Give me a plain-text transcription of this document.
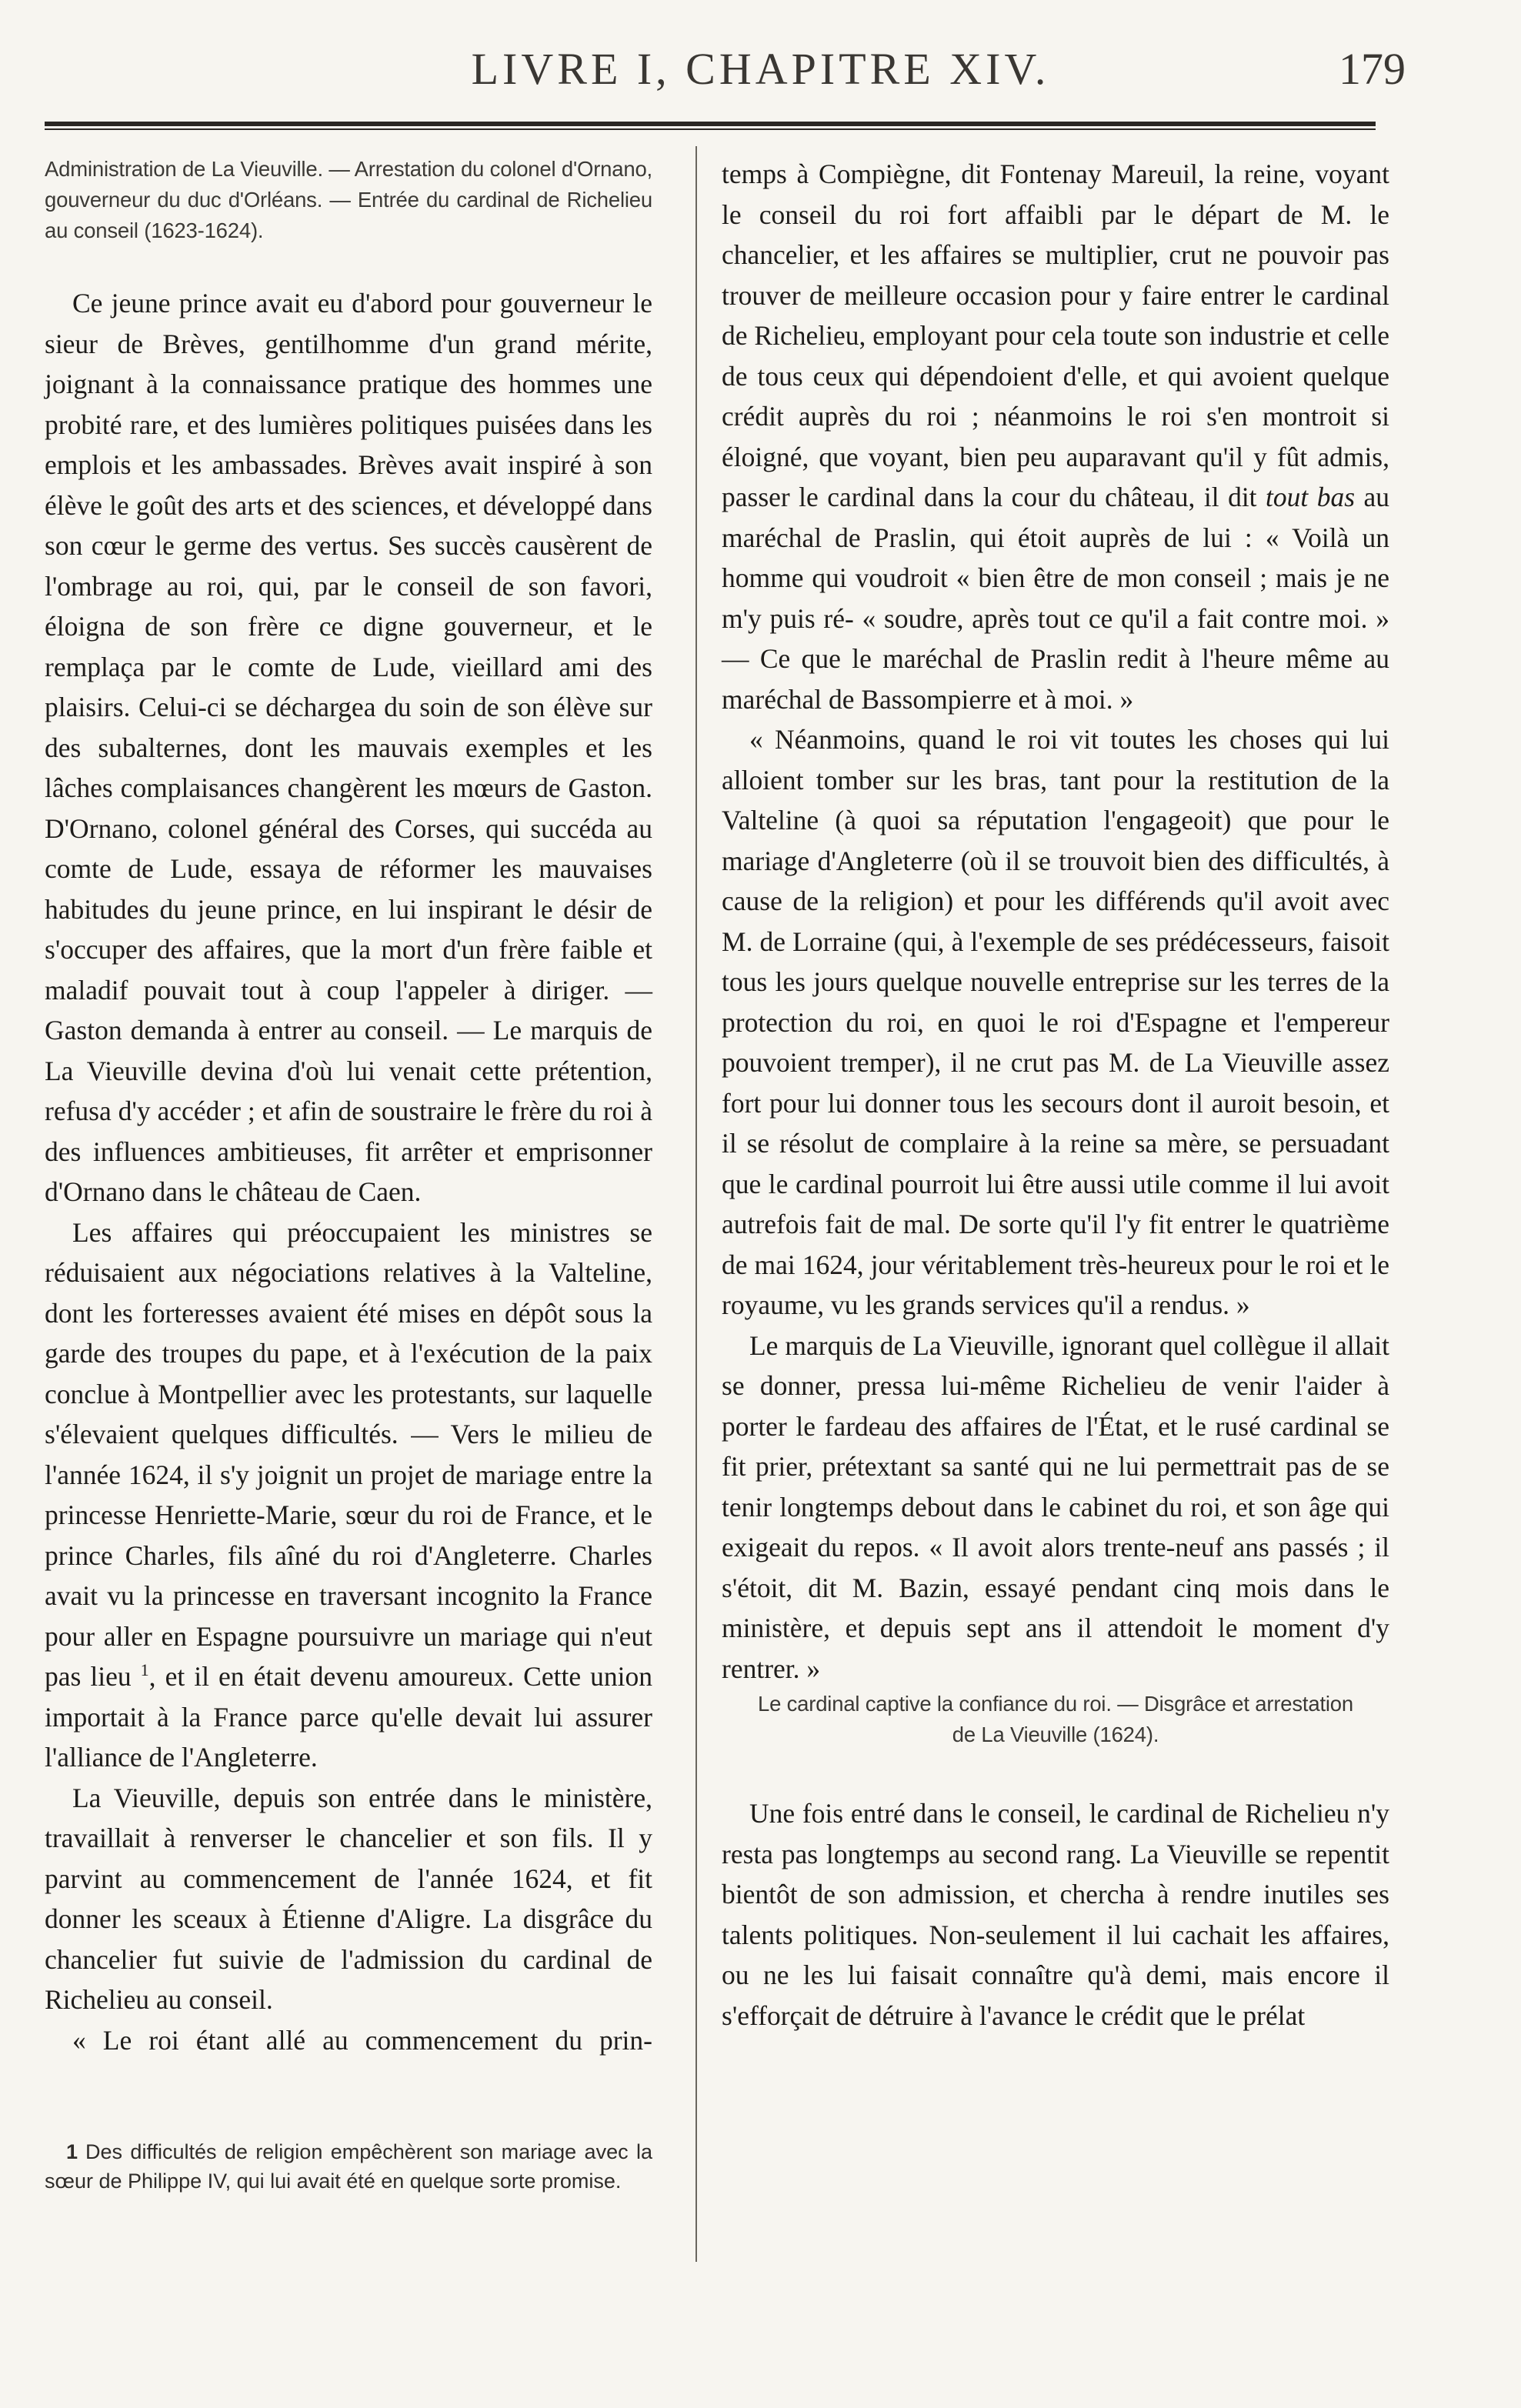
LIVRE I, CHAPITRE XIV.	179

Administration de La Vieuville. — Arrestation du colonel d'Ornano, gouverneur du duc d'Orléans. — Entrée du cardinal de Richelieu au conseil (1623-1624).

Ce jeune prince avait eu d'abord pour gouverneur le sieur de Brèves, gentilhomme d'un grand mérite, joignant à la connaissance pratique des hommes une probité rare, et des lumières politiques puisées dans les emplois et les ambassades. Brèves avait inspiré à son élève le goût des arts et des sciences, et développé dans son cœur le germe des vertus. Ses succès causèrent de l'ombrage au roi, qui, par le conseil de son favori, éloigna de son frère ce digne gouverneur, et le remplaça par le comte de Lude, vieillard ami des plaisirs. Celui-ci se déchargea du soin de son élève sur des subalternes, dont les mauvais exemples et les lâches complaisances changèrent les mœurs de Gaston. D'Ornano, colonel général des Corses, qui succéda au comte de Lude, essaya de réformer les mauvaises habitudes du jeune prince, en lui inspirant le désir de s'occuper des affaires, que la mort d'un frère faible et maladif pouvait tout à coup l'appeler à diriger. — Gaston demanda à entrer au conseil. — Le marquis de La Vieuville devina d'où lui venait cette prétention, refusa d'y accéder ; et afin de soustraire le frère du roi à des influences ambitieuses, fit arrêter et emprisonner d'Ornano dans le château de Caen.

Les affaires qui préoccupaient les ministres se réduisaient aux négociations relatives à la Valteline, dont les forteresses avaient été mises en dépôt sous la garde des troupes du pape, et à l'exécution de la paix conclue à Montpellier avec les protestants, sur laquelle s'élevaient quelques difficultés. — Vers le milieu de l'année 1624, il s'y joignit un projet de mariage entre la princesse Henriette-Marie, sœur du roi de France, et le prince Charles, fils aîné du roi d'Angleterre. Charles avait vu la princesse en traversant incognito la France pour aller en Espagne poursuivre un mariage qui n'eut pas lieu $^1$, et il en était devenu amoureux. Cette union importait à la France parce qu'elle devait lui assurer l'alliance de l'Angleterre.

La Vieuville, depuis son entrée dans le ministère, travaillait à renverser le chancelier et son fils. Il y parvint au commencement de l'année 1624, et fit donner les sceaux à Étienne d'Aligre. La disgrâce du chancelier fut suivie de l'admission du cardinal de Richelieu au conseil.

« Le roi étant allé au commencement du prin-

1 Des difficultés de religion empêchèrent son mariage avec la sœur de Philippe IV, qui lui avait été en quelque sorte promise.

temps à Compiègne, dit Fontenay Mareuil, la reine, voyant le conseil du roi fort affaibli par le départ de M. le chancelier, et les affaires se multiplier, crut ne pouvoir pas trouver de meilleure occasion pour y faire entrer le cardinal de Richelieu, employant pour cela toute son industrie et celle de tous ceux qui dépendoient d'elle, et qui avoient quelque crédit auprès du roi ; néanmoins le roi s'en montroit si éloigné, que voyant, bien peu auparavant qu'il y fût admis, passer le cardinal dans la cour du château, il dit tout bas au maréchal de Praslin, qui étoit auprès de lui : « Voilà un homme qui voudroit « bien être de mon conseil ; mais je ne m'y puis ré- « soudre, après tout ce qu'il a fait contre moi. » — Ce que le maréchal de Praslin redit à l'heure même au maréchal de Bassompierre et à moi. »

« Néanmoins, quand le roi vit toutes les choses qui lui alloient tomber sur les bras, tant pour la restitution de la Valteline (à quoi sa réputation l'engageoit) que pour le mariage d'Angleterre (où il se trouvoit bien des difficultés, à cause de la religion) et pour les différends qu'il avoit avec M. de Lorraine (qui, à l'exemple de ses prédécesseurs, faisoit tous les jours quelque nouvelle entreprise sur les terres de la protection du roi, en quoi le roi d'Espagne et l'empereur pouvoient tremper), il ne crut pas M. de La Vieuville assez fort pour lui donner tous les secours dont il auroit besoin, et il se résolut de complaire à la reine sa mère, se persuadant que le cardinal pourroit lui être aussi utile comme il lui avoit autrefois fait de mal. De sorte qu'il l'y fit entrer le quatrième de mai 1624, jour véritablement très-heureux pour le roi et le royaume, vu les grands services qu'il a rendus. »

Le marquis de La Vieuville, ignorant quel collègue il allait se donner, pressa lui-même Richelieu de venir l'aider à porter le fardeau des affaires de l'État, et le rusé cardinal se fit prier, prétextant sa santé qui ne lui permettrait pas de se tenir longtemps debout dans le cabinet du roi, et son âge qui exigeait du repos. « Il avoit alors trente-neuf ans passés ; il s'étoit, dit M. Bazin, essayé pendant cinq mois dans le ministère, et depuis sept ans il attendoit le moment d'y rentrer. »

Le cardinal captive la confiance du roi. — Disgrâce et arrestation de La Vieuville (1624).

Une fois entré dans le conseil, le cardinal de Richelieu n'y resta pas longtemps au second rang. La Vieuville se repentit bientôt de son admission, et chercha à rendre inutiles ses talents politiques. Non-seulement il lui cachait les affaires, ou ne les lui faisait connaître qu'à demi, mais encore il s'efforçait de détruire à l'avance le crédit que le prélat
